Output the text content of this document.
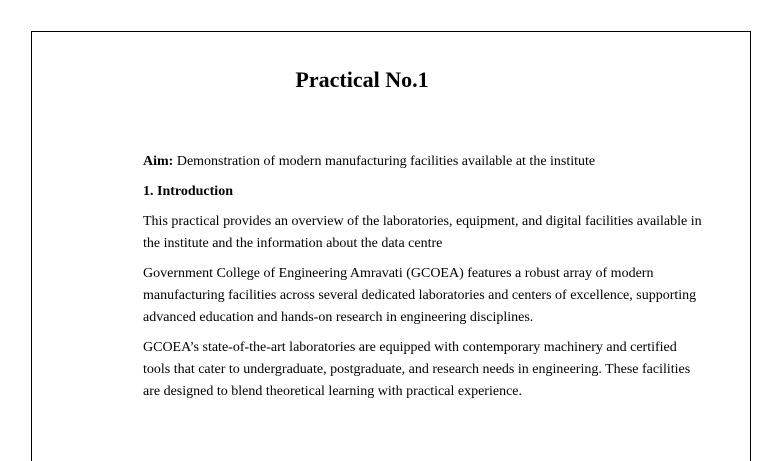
Practical No.1

Aim: Demonstration of modern manufacturing facilities available at the institute

1. Introduction

This practical provides an overview of the laboratories, equipment, and digital facilities available in the institute and the information about the data centre

Government College of Engineering Amravati (GCOEA) features a robust array of modern manufacturing facilities across several dedicated laboratories and centers of excellence, supporting advanced education and hands-on research in engineering disciplines.

GCOEA’s state-of-the-art laboratories are equipped with contemporary machinery and certified tools that cater to undergraduate, postgraduate, and research needs in engineering. These facilities are designed to blend theoretical learning with practical experience.
